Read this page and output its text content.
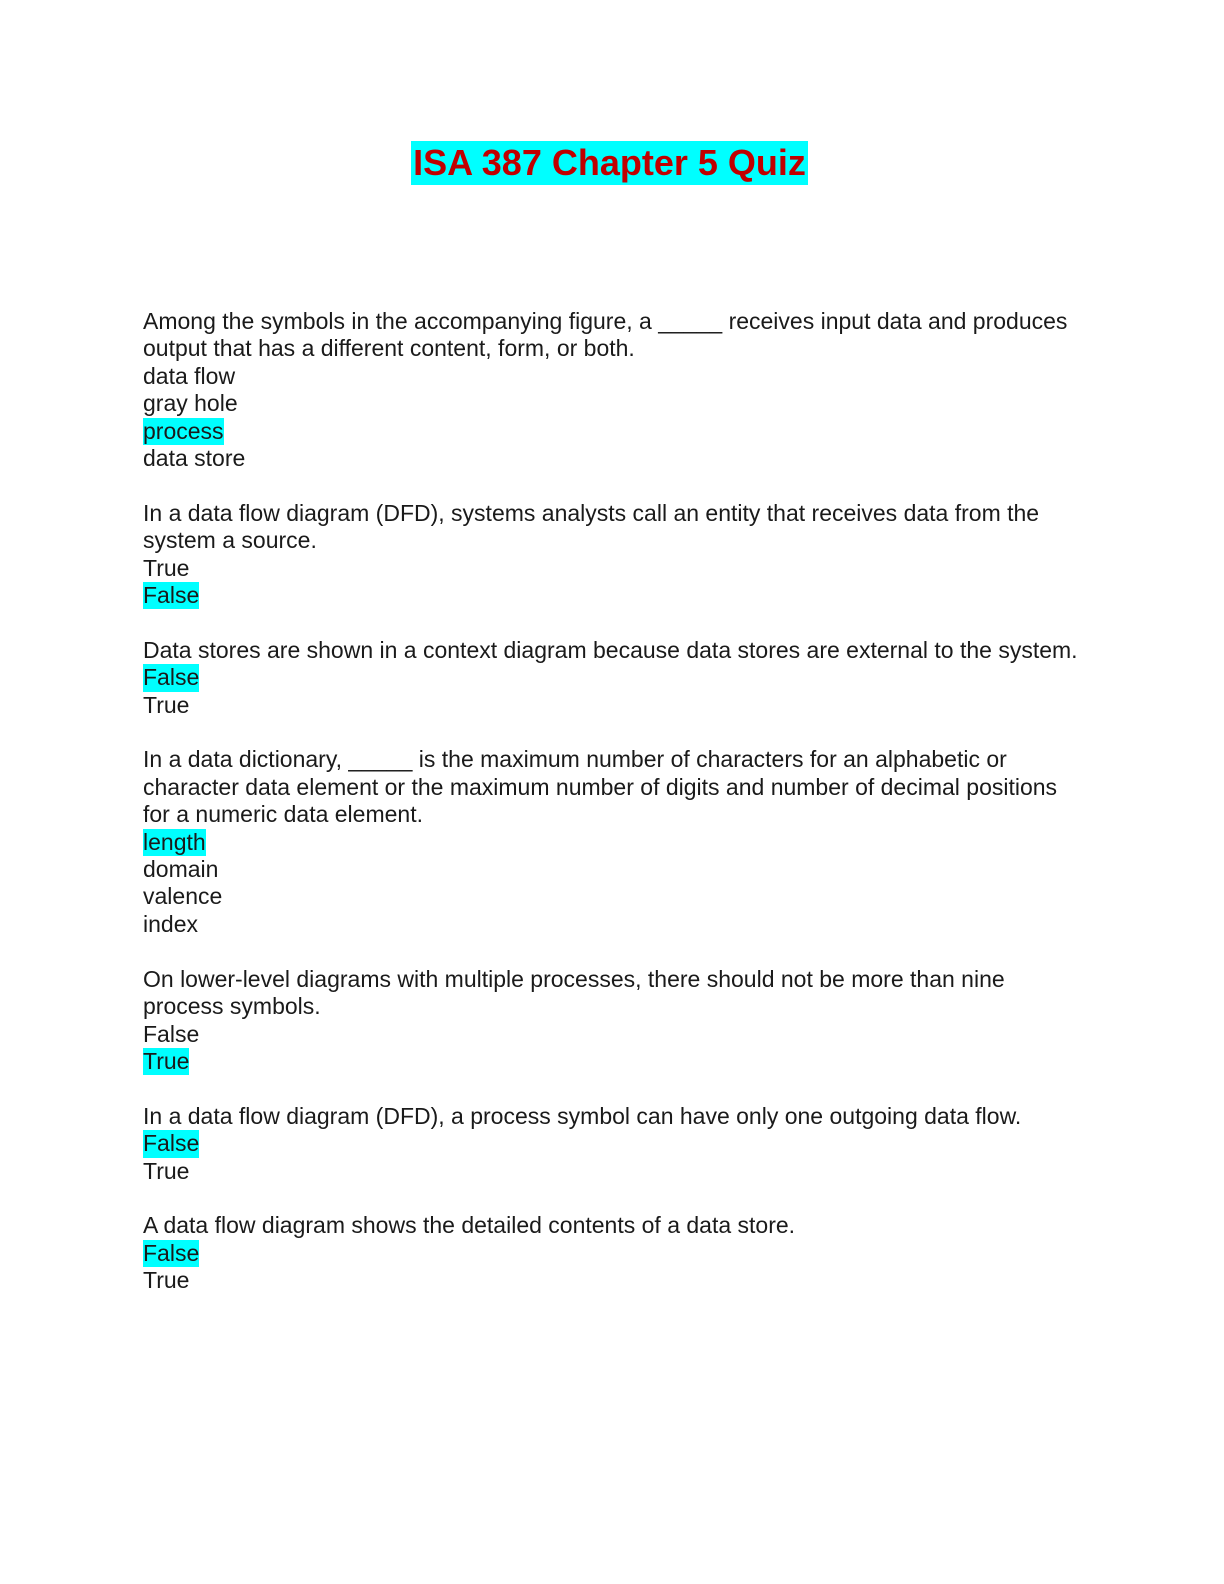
ISA 387 Chapter 5 Quiz

Among the symbols in the accompanying figure, a _____ receives input data and produces output that has a different content, form, or both.

data flow
gray hole
process
data store

In a data flow diagram (DFD), systems analysts call an entity that receives data from the system a source.

True
False

Data stores are shown in a context diagram because data stores are external to the system.

False
True

In a data dictionary, _____ is the maximum number of characters for an alphabetic or character data element or the maximum number of digits and number of decimal positions for a numeric data element.

length
domain
valence
index

On lower-level diagrams with multiple processes, there should not be more than nine process symbols.

False
True

In a data flow diagram (DFD), a process symbol can have only one outgoing data flow.

False
True

A data flow diagram shows the detailed contents of a data store.

False
True
